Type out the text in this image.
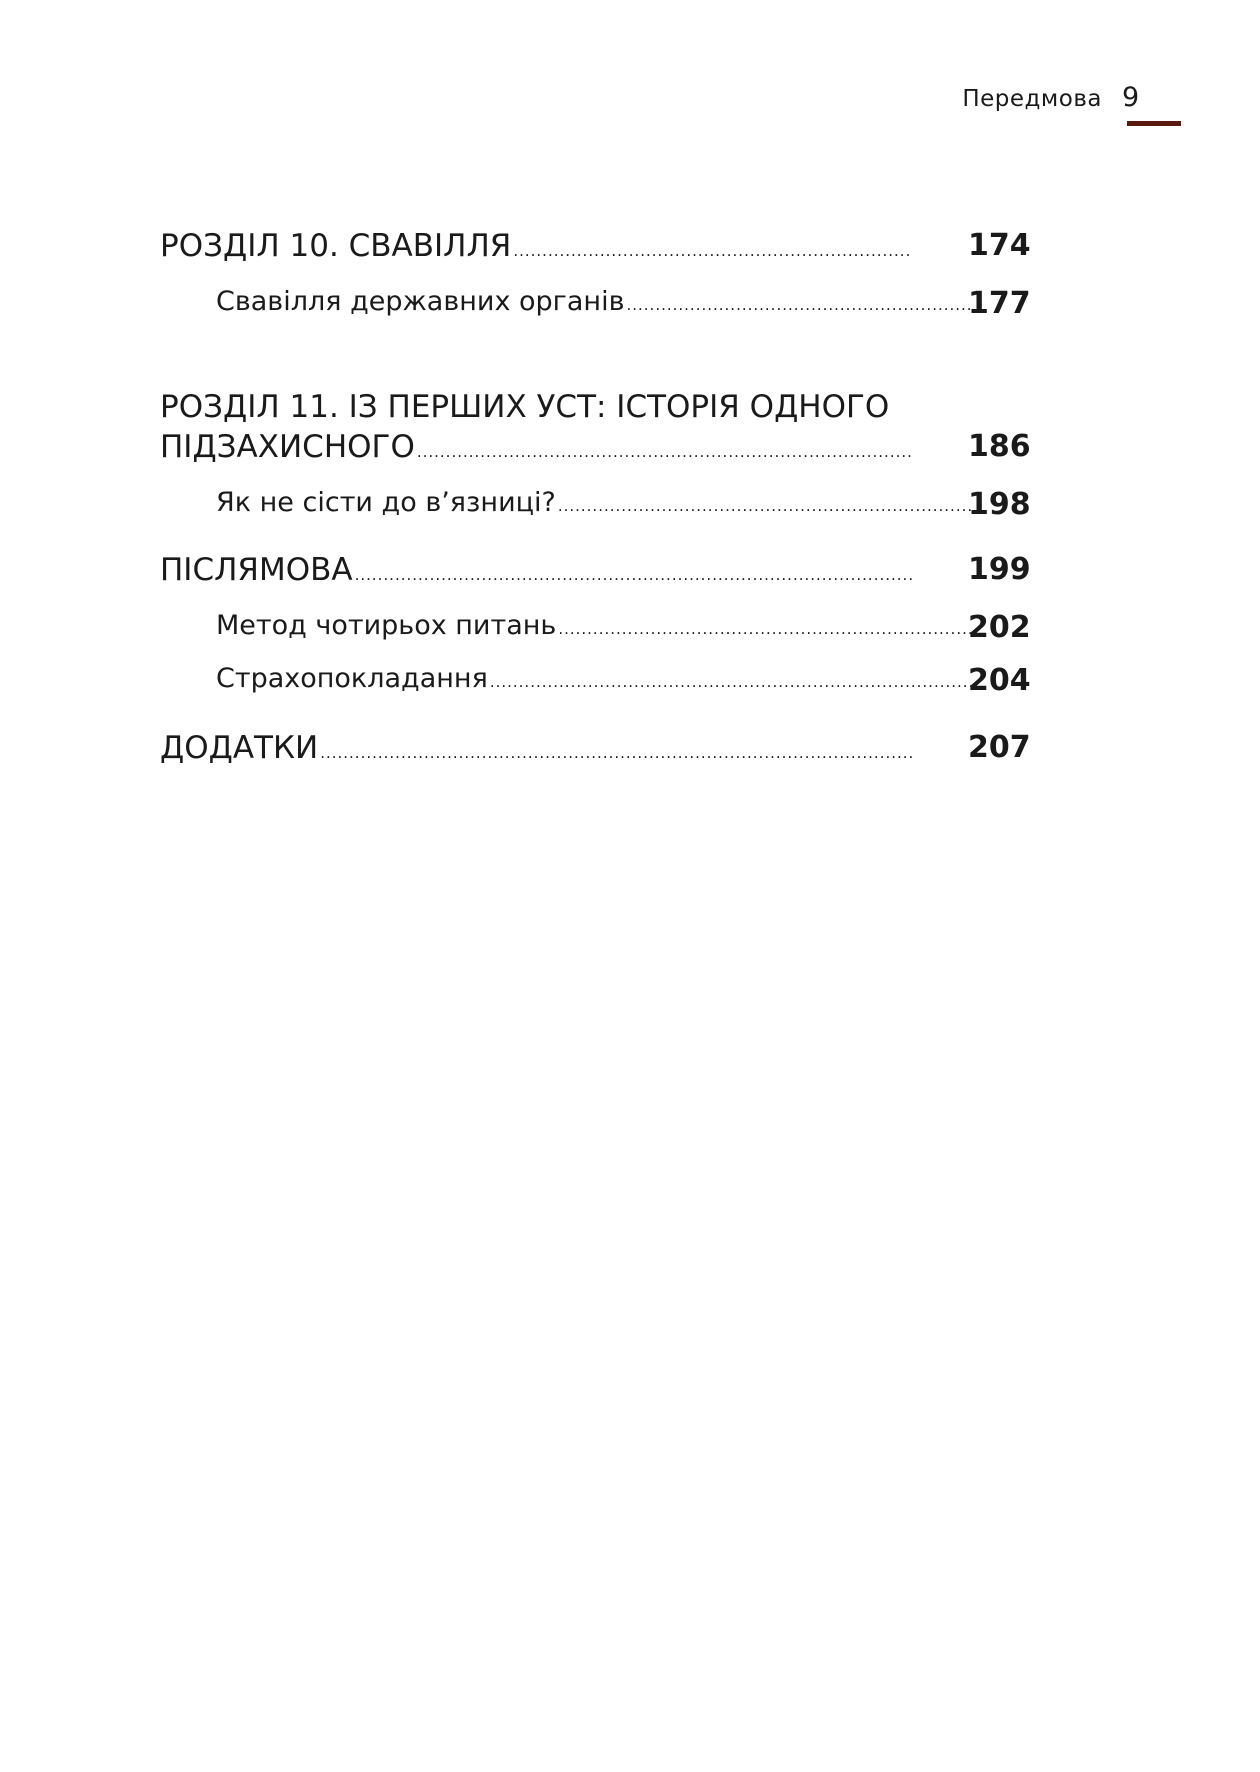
Передмова 9
РОЗДІЛ 10. СВАВІЛЛЯ .....	174
Свавілля державних органів .....	177
РОЗДІЛ 11. ІЗ ПЕРШИХ УСТ: ІСТОРІЯ ОДНОГО
ПІДЗАХИСНОГО .....	186
Як не сісти до в’язниці? .....	198
ПІСЛЯМОВА .....	199
Метод чотирьох питань .....	202
Страхопокладання .....	204
ДОДАТКИ .....	207
